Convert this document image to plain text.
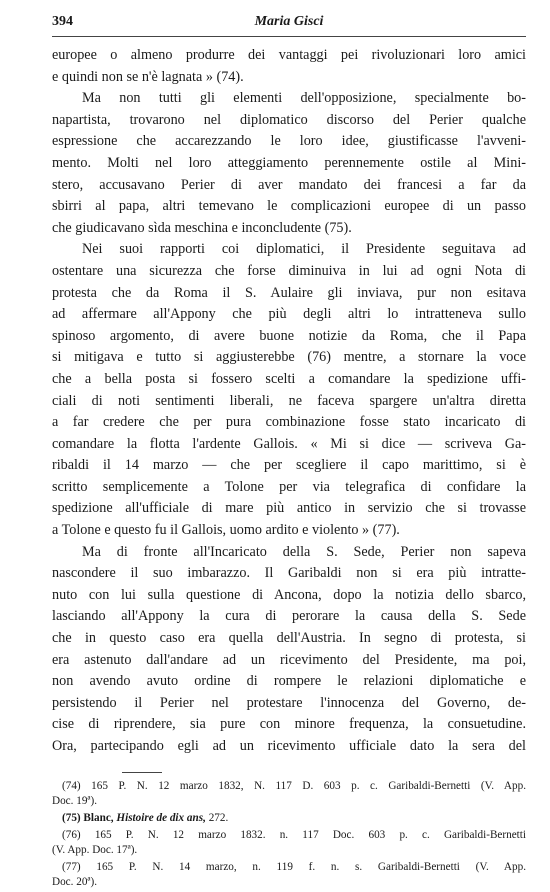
394	Maria Gisci

europee o almeno produrre dei vantaggi pei rivoluzionari loro amici
e quindi non se n'è lagnata » (74).

Ma non tutti gli elementi dell'opposizione, specialmente bo-
napartista, trovarono nel diplomatico discorso del Perier qualche
espressione che accarezzando le loro idee, giustificasse l'avveni-
mento. Molti nel loro atteggiamento perennemente ostile al Mini-
stero, accusavano Perier di aver mandato dei francesi a far da
sbirri al papa, altri temevano le complicazioni europee di un passo
che giudicavano sìda meschina e inconcludente (75).

Nei suoi rapporti coi diplomatici, il Presidente seguitava ad
ostentare una sicurezza che forse diminuiva in lui ad ogni Nota di
protesta che da Roma il S. Aulaire gli inviava, pur non esitava
ad affermare all'Appony che più degli altri lo intratteneva sullo
spinoso argomento, di avere buone notizie da Roma, che il Papa
si mitigava e tutto si aggiusterebbe (76) mentre, a stornare la voce
che a bella posta si fossero scelti a comandare la spedizione uffi-
ciali di noti sentimenti liberali, ne faceva spargere un'altra diretta
a far credere che per pura combinazione fosse stato incaricato di
comandare la flotta l'ardente Gallois. « Mi si dice — scriveva Ga-
ribaldi il 14 marzo — che per scegliere il capo marittimo, si è
scritto semplicemente a Tolone per via telegrafica di confidare la
spedizione all'ufficiale di mare più antico in servizio che si trovasse
a Tolone e questo fu il Gallois, uomo ardito e violento » (77).

Ma di fronte all'Incaricato della S. Sede, Perier non sapeva
nascondere il suo imbarazzo. Il Garibaldi non si era più intratte-
nuto con lui sulla questione di Ancona, dopo la notizia dello sbarco,
lasciando all'Appony la cura di perorare la causa della S. Sede
che in questo caso era quella dell'Austria. In segno di protesta, si
era astenuto dall'andare ad un ricevimento del Presidente, ma poi,
non avendo avuto ordine di rompere le relazioni diplomatiche e
persistendo il Perier nel protestare l'innocenza del Governo, de-
cise di riprendere, sia pure con minore frequenza, la consuetudine.
Ora, partecipando egli ad un ricevimento ufficiale dato la sera del

(74) 165 P. N. 12 marzo 1832, N. 117 D. 603 p. c. Garibaldi-Bernetti (V. App.
Doc. 19ª).
(75) Blanc, Histoire de dix ans, 272.
(76) 165 P. N. 12 marzo 1832. n. 117 Doc. 603 p. c. Garibaldi-Bernetti
(V. App. Doc. 17ª).
(77) 165 P. N. 14 marzo, n. 119 f. n. s. Garibaldi-Bernetti (V. App.
Doc. 20ª).
